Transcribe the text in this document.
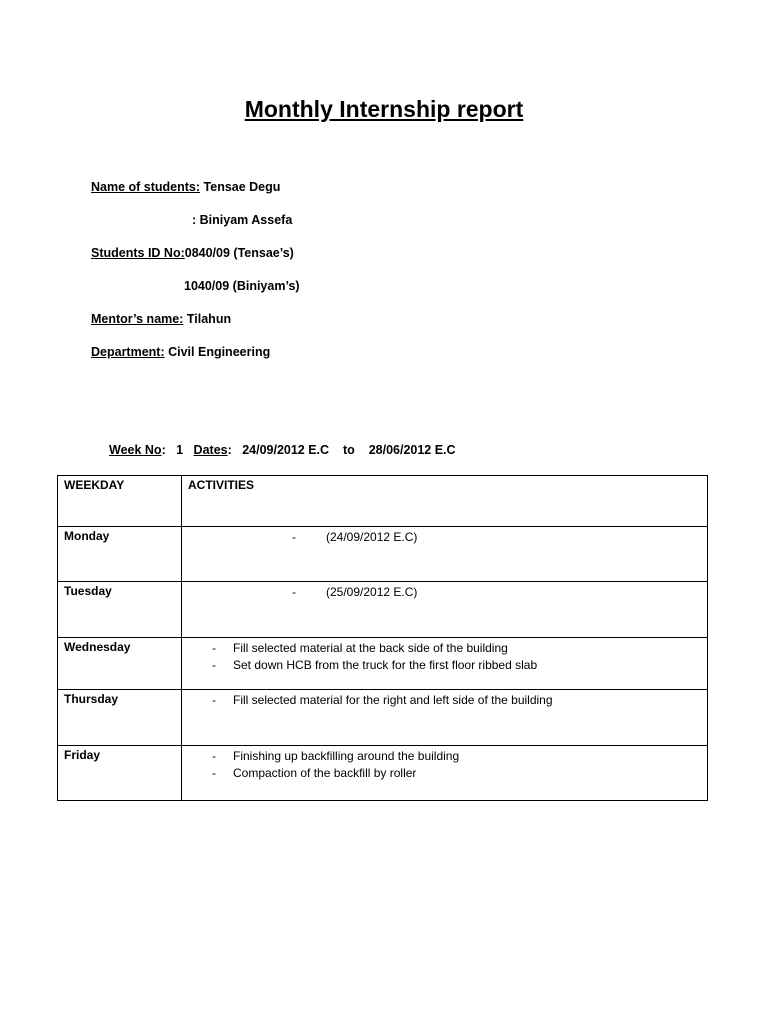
Monthly Internship report
Name of students: Tensae Degu
: Biniyam Assefa
Students ID No:0840/09 (Tensae’s)
1040/09 (Biniyam’s)
Mentor’s name: Tilahun
Department: Civil Engineering
Week No:   1 Dates:   24/09/2012 E.C to 28/06/2012 E.C
WEEKDAY	ACTIVITIES
Monday	- (24/09/2012 E.C)

Tuesday	- (25/09/2012 E.C)

Wednesday	- Fill selected material at the back side of the building
- Set down HCB from the truck for the first floor ribbed slab

Thursday	- Fill selected material for the right and left side of the building

Friday	- Finishing up backfilling around the building
- Compaction of the backfill by roller
